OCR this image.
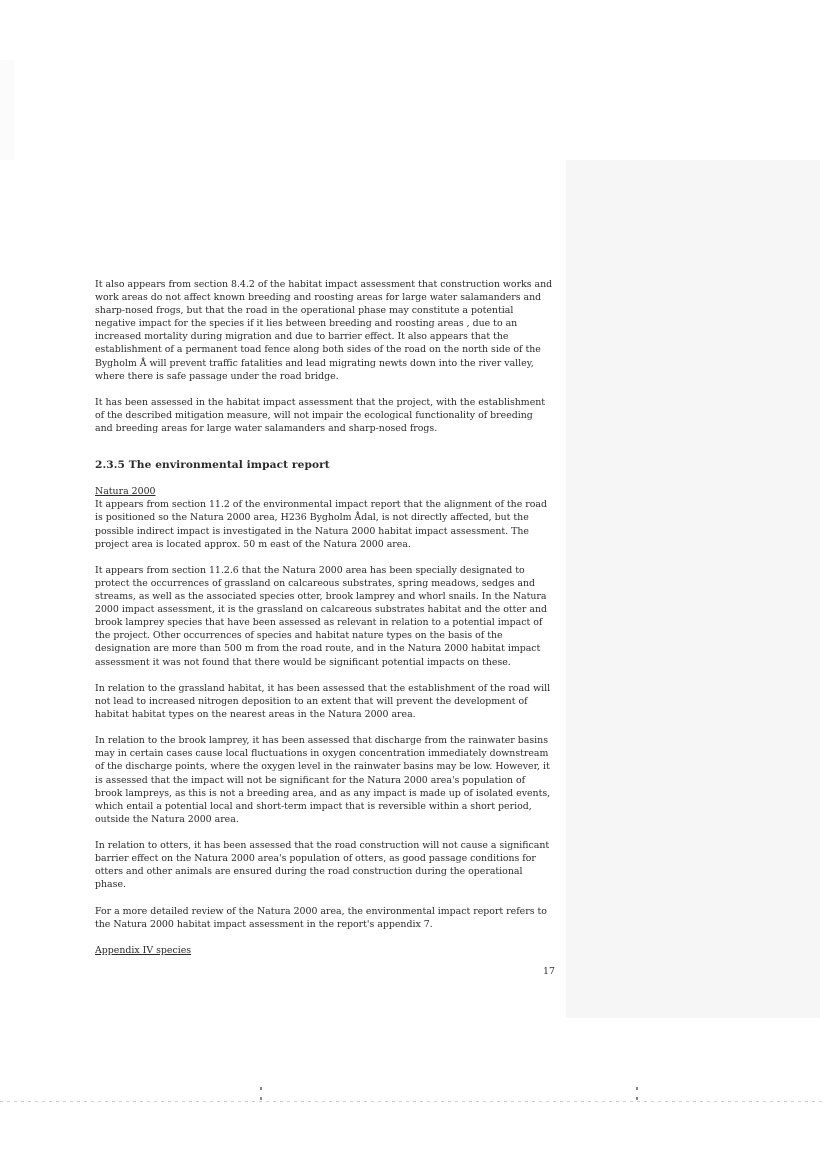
It also appears from section 8.4.2 of the habitat impact assessment that construction works and work areas do not affect known breeding and roosting areas for large water salamanders and sharp-nosed frogs, but that the road in the operational phase may constitute a potential negative impact for the species if it lies between breeding and roosting areas , due to an increased mortality during migration and due to barrier effect. It also appears that the establishment of a permanent toad fence along both sides of the road on the north side of the Bygholm Å will prevent traffic fatalities and lead migrating newts down into the river valley, where there is safe passage under the road bridge.

It has been assessed in the habitat impact assessment that the project, with the establishment of the described mitigation measure, will not impair the ecological functionality of breeding and breeding areas for large water salamanders and sharp-nosed frogs.

2.3.5 The environmental impact report
Natura 2000

It appears from section 11.2 of the environmental impact report that the alignment of the road is positioned so the Natura 2000 area, H236 Bygholm Ådal, is not directly affected, but the possible indirect impact is investigated in the Natura 2000 habitat impact assessment. The project area is located approx. 50 m east of the Natura 2000 area.

It appears from section 11.2.6 that the Natura 2000 area has been specially designated to protect the occurrences of grassland on calcareous substrates, spring meadows, sedges and streams, as well as the associated species otter, brook lamprey and whorl snails. In the Natura 2000 impact assessment, it is the grassland on calcareous substrates habitat and the otter and brook lamprey species that have been assessed as relevant in relation to a potential impact of the project. Other occurrences of species and habitat nature types on the basis of the designation are more than 500 m from the road route, and in the Natura 2000 habitat impact assessment it was not found that there would be significant potential impacts on these.

In relation to the grassland habitat, it has been assessed that the establishment of the road will not lead to increased nitrogen deposition to an extent that will prevent the development of habitat habitat types on the nearest areas in the Natura 2000 area.

In relation to the brook lamprey, it has been assessed that discharge from the rainwater basins may in certain cases cause local fluctuations in oxygen concentration immediately downstream of the discharge points, where the oxygen level in the rainwater basins may be low. However, it is assessed that the impact will not be significant for the Natura 2000 area's population of brook lampreys, as this is not a breeding area, and as any impact is made up of isolated events, which entail a potential local and short-term impact that is reversible within a short period, outside the Natura 2000 area.

In relation to otters, it has been assessed that the road construction will not cause a significant barrier effect on the Natura 2000 area's population of otters, as good passage conditions for otters and other animals are ensured during the road construction during the operational phase.

For a more detailed review of the Natura 2000 area, the environmental impact report refers to the Natura 2000 habitat impact assessment in the report's appendix 7.

Appendix IV species
17
